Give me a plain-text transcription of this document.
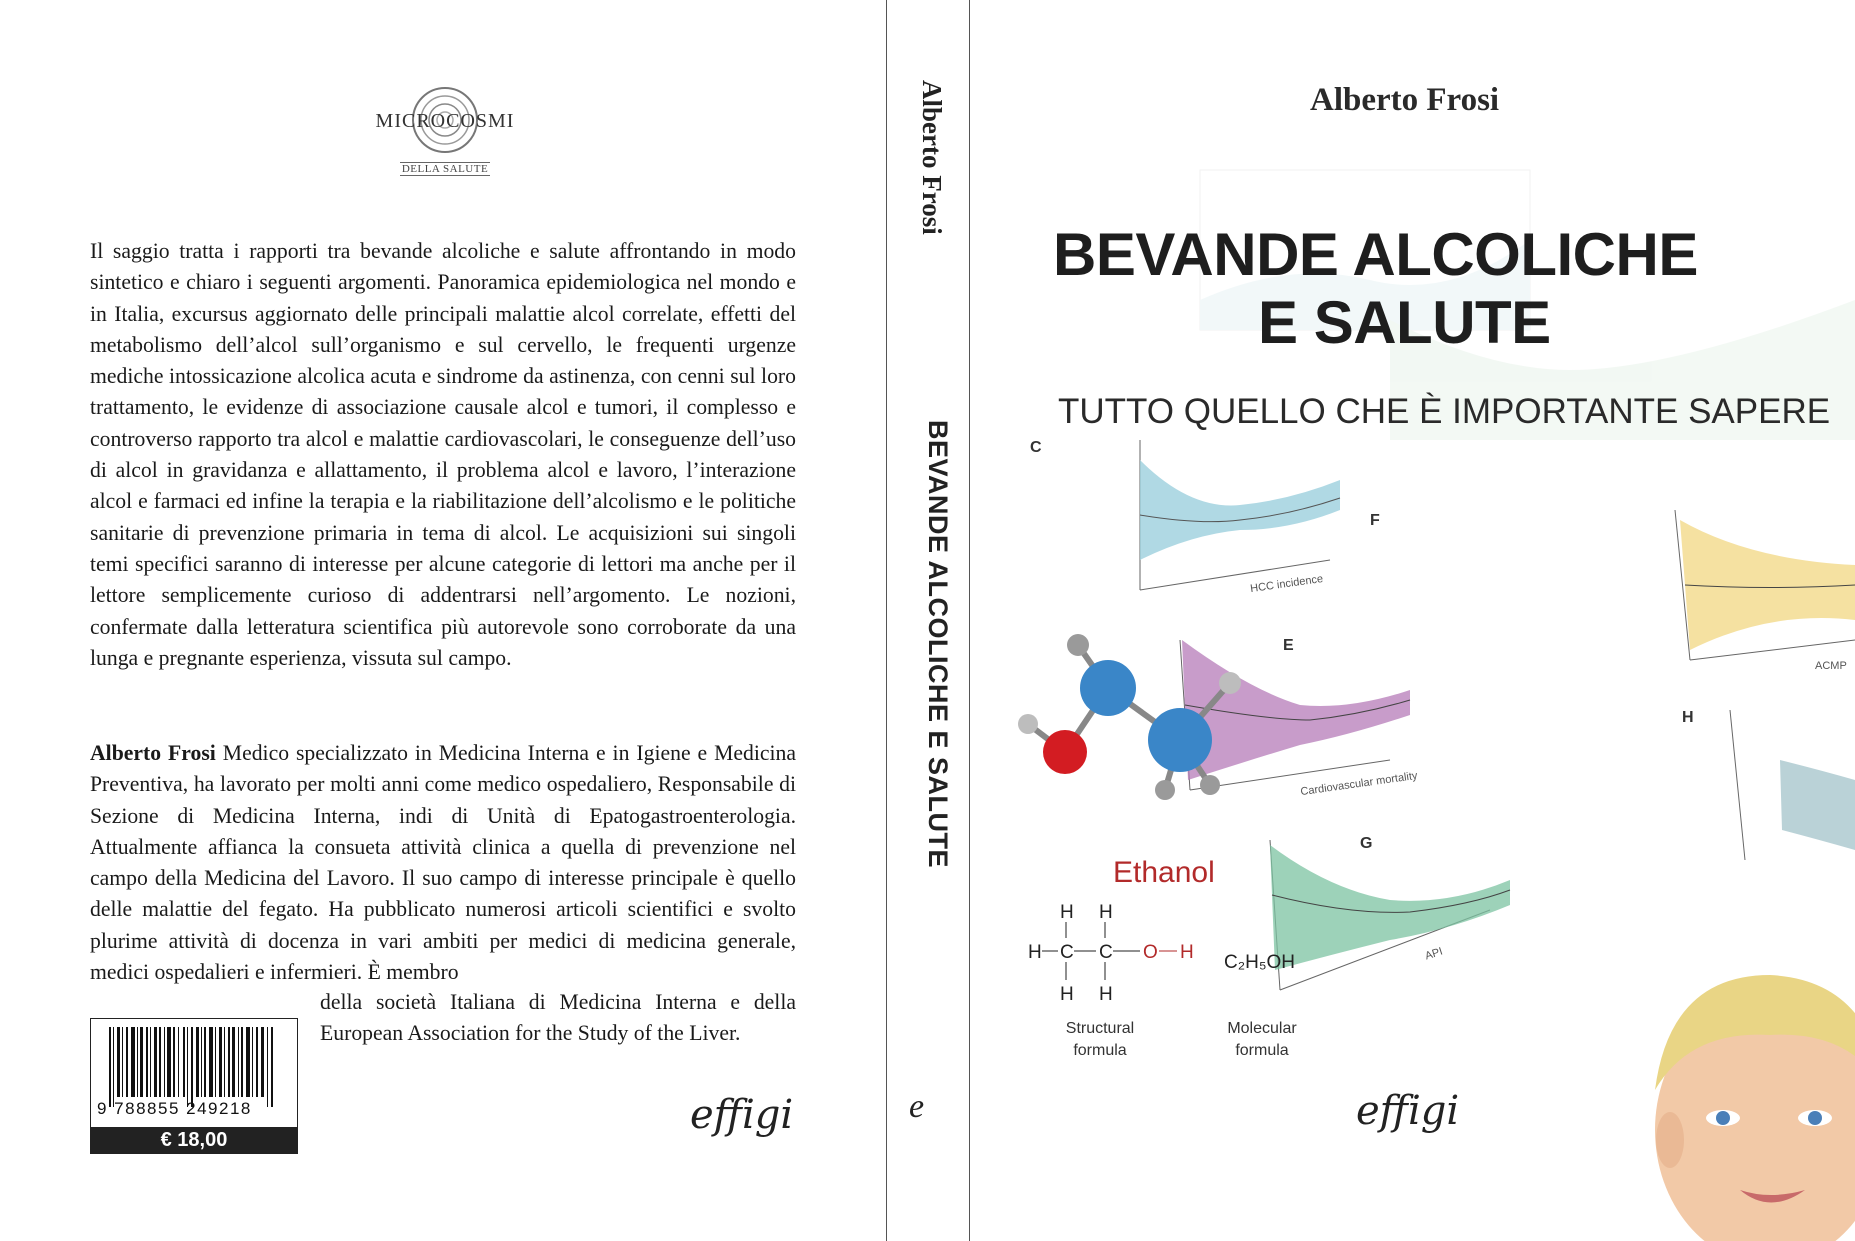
MICROCOSMI
DELLA SALUTE
Il saggio tratta i rapporti tra bevande alcoliche e salute affrontando in modo sintetico e chiaro i seguenti argomenti. Panoramica epidemiologica nel mondo e in Italia, excursus aggiornato delle principali malattie alcol correlate, effetti del metabolismo dell’alcol sull’organismo e sul cervello, le frequenti urgenze mediche intossicazione alcolica acuta e sindrome da astinenza, con cenni sul loro trattamento, le evidenze di associazione causale alcol e tumori, il complesso e controverso rapporto tra alcol e malattie cardiovascolari, le conseguenze dell’uso di alcol in gravidanza e allattamento, il problema alcol e lavoro, l’interazione alcol e farmaci ed infine la terapia e la riabilitazione dell’alcolismo e le politiche sanitarie di prevenzione primaria in tema di alcol. Le acquisizioni sui singoli temi specifici saranno di interesse per alcune categorie di lettori ma anche per il lettore semplicemente curioso di addentrarsi nell’argomento. Le nozioni, confermate dalla letteratura scientifica più autorevole sono corroborate da una lunga e pregnante esperienza, vissuta sul campo.
Alberto Frosi Medico specializzato in Medicina Interna e in Igiene e Medicina Preventiva, ha lavorato per molti anni come medico ospedaliero, Responsabile di Sezione di Medicina Interna, indi di Unità di Epatogastroenterologia. Attualmente affianca la consueta attività clinica a quella di prevenzione nel campo della Medicina del Lavoro. Il suo campo di interesse principale è quello delle malattie del fegato. Ha pubblicato numerosi articoli scientifici e svolto plurime attività di docenza in vari ambiti per medici di medicina generale, medici ospedalieri e infermieri. È membro
della società Italiana di Medicina Interna e della European Association for the Study of the Liver.
9 788855 249218
€ 18,00
effigi
Alberto Frosi
BEVANDE ALCOLICHE E SALUTE
e
C
F
E
H
G
H H
H C C O H
H H
Alberto Frosi
BEVANDE ALCOLICHE
E SALUTE
TUTTO QUELLO CHE È IMPORTANTE SAPERE
Ethanol
C₂H₅OH
Structural
formula
Molecular
formula
HCC incidence
Cardiovascular mortality
ACMP
API
effigi
